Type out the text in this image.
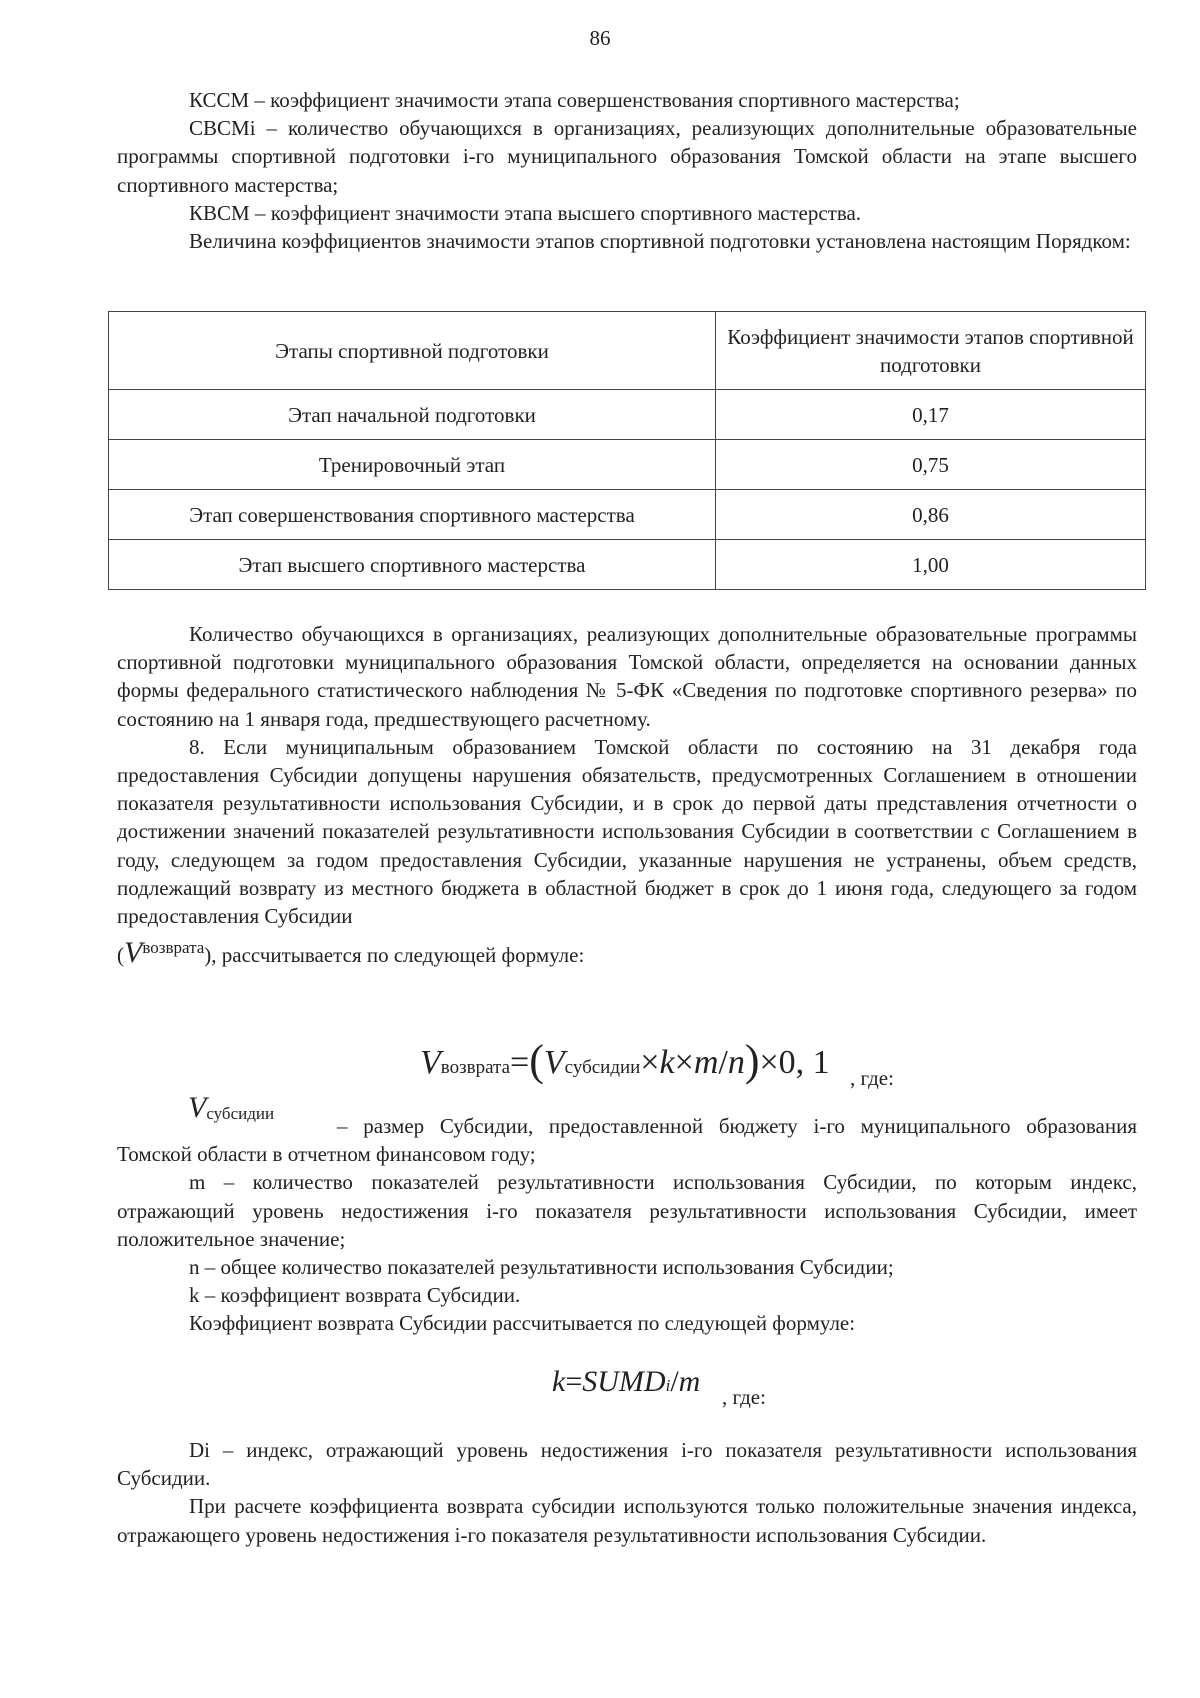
86

КССМ – коэффициент значимости этапа совершенствования спортивного мастерства;

СВСМi – количество обучающихся в организациях, реализующих дополнительные образовательные программы спортивной подготовки i-го муниципального образования Томской области на этапе высшего спортивного мастерства;

КВСМ – коэффициент значимости этапа высшего спортивного мастерства.

Величина коэффициентов значимости этапов спортивной подготовки установлена настоящим Порядком:

Этапы спортивной подготовки	Коэффициент значимости этапов спортивной подготовки
Этап начальной подготовки	0,17
Тренировочный этап	0,75
Этап совершенствования спортивного мастерства	0,86
Этап высшего спортивного мастерства	1,00

Количество обучающихся в организациях, реализующих дополнительные образовательные программы спортивной подготовки муниципального образования Томской области, определяется на основании данных формы федерального статистического наблюдения № 5-ФК «Сведения по подготовке спортивного резерва» по состоянию на 1 января года, предшествующего расчетному.

8. Если муниципальным образованием Томской области по состоянию на 31 декабря года предоставления Субсидии допущены нарушения обязательств, предусмотренных Соглашением в отношении показателя результативности использования Субсидии, и в срок до первой даты представления отчетности о достижении значений показателей результативности использования Субсидии в соответствии с Соглашением в году, следующем за годом предоставления Субсидии, указанные нарушения не устранены, объем средств, подлежащий возврату из местного бюджета в областной бюджет в срок до 1 июня года, следующего за годом предоставления Субсидии

$(V^{возврата})$, рассчитывается по следующей формуле:

Vвозврата=(Vсубсидии×k×m/n)×0, 1 , где:
Vсубсидии

– размер Субсидии, предоставленной бюджету i-го муниципального образования Томской области в отчетном финансовом году;

m – количество показателей результативности использования Субсидии, по которым индекс, отражающий уровень недостижения i-го показателя результативности использования Субсидии, имеет положительное значение;

n – общее количество показателей результативности использования Субсидии;

k – коэффициент возврата Субсидии.

Коэффициент возврата Субсидии рассчитывается по следующей формуле:

k=SUMDi/m , где:

Di – индекс, отражающий уровень недостижения i-го показателя результативности использования Субсидии.

При расчете коэффициента возврата субсидии используются только положительные значения индекса, отражающего уровень недостижения i-го показателя результативности использования Субсидии.
